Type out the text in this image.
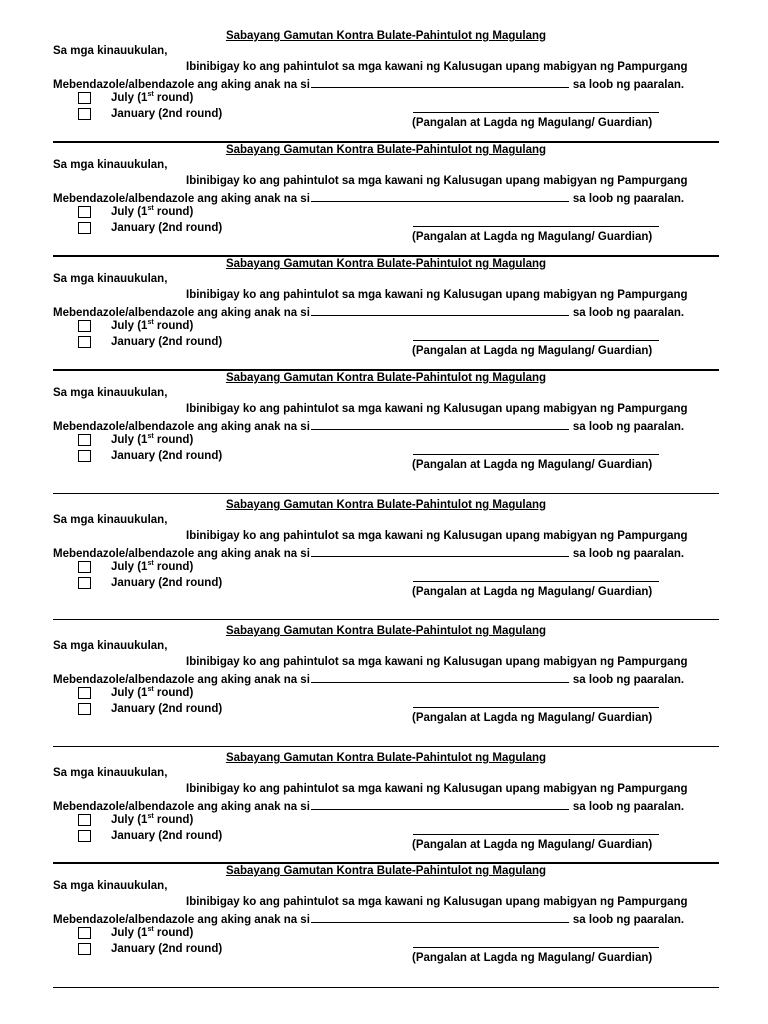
Sabayang Gamutan Kontra Bulate-Pahintulot ng Magulang
Sa mga kinauukulan,
Ibinibigay ko ang pahintulot sa mga kawani ng Kalusugan upang mabigyan ng Pampurgang
Mebendazole/albendazole ang aking anak na si	sa loob ng paaralan.
July (1st round)
January (2nd round)
(Pangalan at Lagda ng Magulang/ Guardian)
Sabayang Gamutan Kontra Bulate-Pahintulot ng Magulang
Sa mga kinauukulan,
Ibinibigay ko ang pahintulot sa mga kawani ng Kalusugan upang mabigyan ng Pampurgang
Mebendazole/albendazole ang aking anak na si	sa loob ng paaralan.
July (1st round)
January (2nd round)
(Pangalan at Lagda ng Magulang/ Guardian)
Sabayang Gamutan Kontra Bulate-Pahintulot ng Magulang
Sa mga kinauukulan,
Ibinibigay ko ang pahintulot sa mga kawani ng Kalusugan upang mabigyan ng Pampurgang
Mebendazole/albendazole ang aking anak na si	sa loob ng paaralan.
July (1st round)
January (2nd round)
(Pangalan at Lagda ng Magulang/ Guardian)
Sabayang Gamutan Kontra Bulate-Pahintulot ng Magulang
Sa mga kinauukulan,
Ibinibigay ko ang pahintulot sa mga kawani ng Kalusugan upang mabigyan ng Pampurgang
Mebendazole/albendazole ang aking anak na si	sa loob ng paaralan.
July (1st round)
January (2nd round)
(Pangalan at Lagda ng Magulang/ Guardian)
Sabayang Gamutan Kontra Bulate-Pahintulot ng Magulang
Sa mga kinauukulan,
Ibinibigay ko ang pahintulot sa mga kawani ng Kalusugan upang mabigyan ng Pampurgang
Mebendazole/albendazole ang aking anak na si	sa loob ng paaralan.
July (1st round)
January (2nd round)
(Pangalan at Lagda ng Magulang/ Guardian)
Sabayang Gamutan Kontra Bulate-Pahintulot ng Magulang
Sa mga kinauukulan,
Ibinibigay ko ang pahintulot sa mga kawani ng Kalusugan upang mabigyan ng Pampurgang
Mebendazole/albendazole ang aking anak na si	sa loob ng paaralan.
July (1st round)
January (2nd round)
(Pangalan at Lagda ng Magulang/ Guardian)
Sabayang Gamutan Kontra Bulate-Pahintulot ng Magulang
Sa mga kinauukulan,
Ibinibigay ko ang pahintulot sa mga kawani ng Kalusugan upang mabigyan ng Pampurgang
Mebendazole/albendazole ang aking anak na si	sa loob ng paaralan.
July (1st round)
January (2nd round)
(Pangalan at Lagda ng Magulang/ Guardian)
Sabayang Gamutan Kontra Bulate-Pahintulot ng Magulang
Sa mga kinauukulan,
Ibinibigay ko ang pahintulot sa mga kawani ng Kalusugan upang mabigyan ng Pampurgang
Mebendazole/albendazole ang aking anak na si	sa loob ng paaralan.
July (1st round)
January (2nd round)
(Pangalan at Lagda ng Magulang/ Guardian)
